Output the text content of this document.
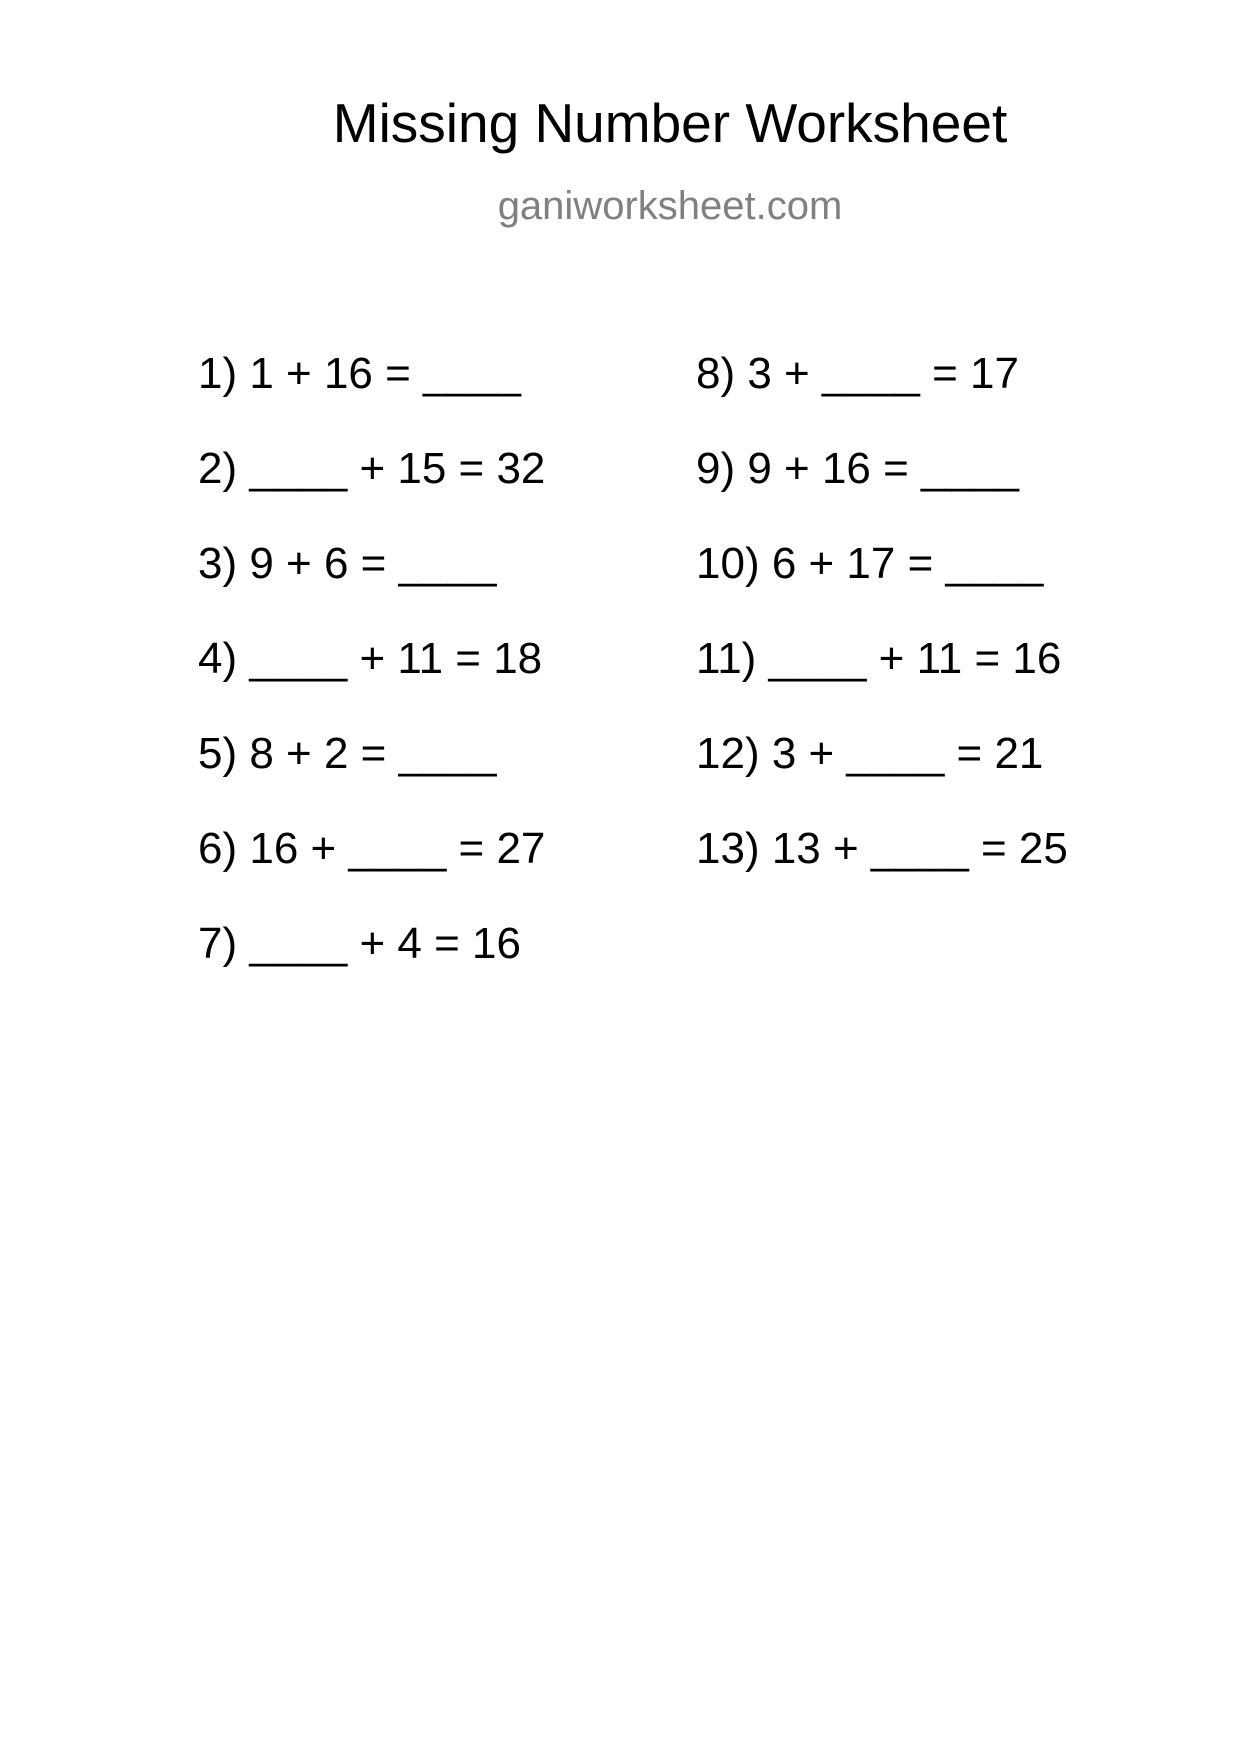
Missing Number Worksheet
ganiworksheet.com
1) 1 + 16 = ____
2) ____ + 15 = 32
3) 9 + 6 = ____
4) ____ + 11 = 18
5) 8 + 2 = ____
6) 16 + ____ = 27
7) ____ + 4 = 16
8) 3 + ____ = 17
9) 9 + 16 = ____
10) 6 + 17 = ____
11) ____ + 11 = 16
12) 3 + ____ = 21
13) 13 + ____ = 25
